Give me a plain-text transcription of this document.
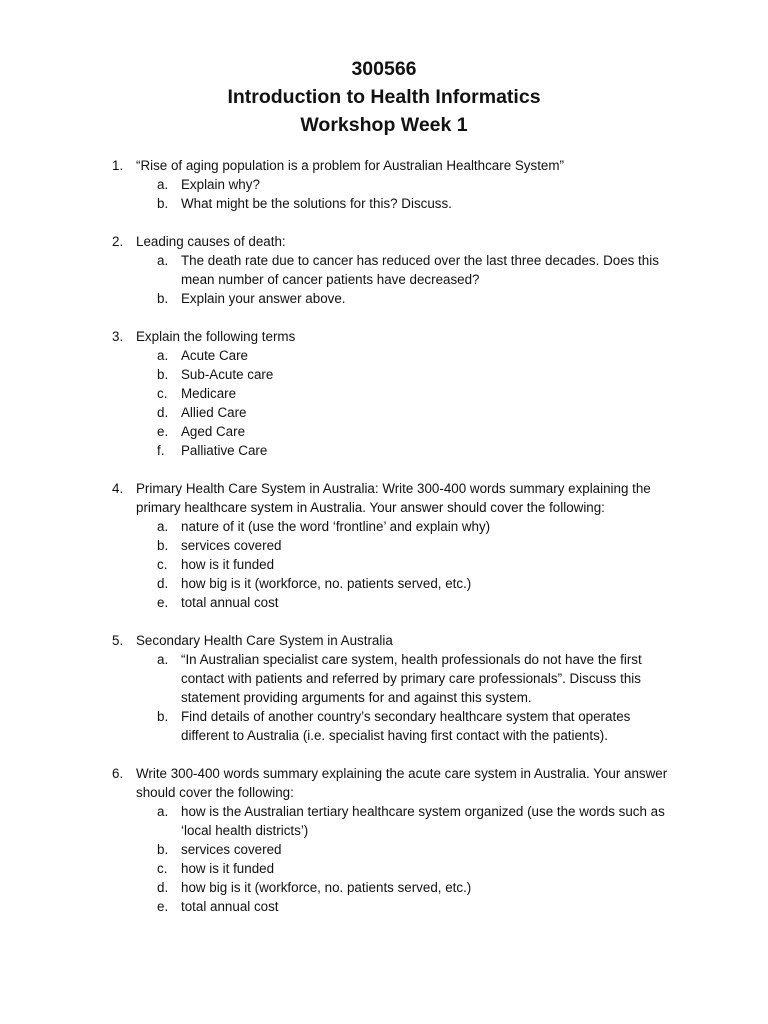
300566
Introduction to Health Informatics
Workshop Week 1
1. “Rise of aging population is a problem for Australian Healthcare System”
a. Explain why?
b. What might be the solutions for this? Discuss.
2. Leading causes of death:
a. The death rate due to cancer has reduced over the last three decades. Does this mean number of cancer patients have decreased?
b. Explain your answer above.
3. Explain the following terms
a. Acute Care
b. Sub-Acute care
c. Medicare
d. Allied Care
e. Aged Care
f. Palliative Care
4. Primary Health Care System in Australia: Write 300-400 words summary explaining the primary healthcare system in Australia. Your answer should cover the following:
a. nature of it (use the word ‘frontline’ and explain why)
b. services covered
c. how is it funded
d. how big is it (workforce, no. patients served, etc.)
e. total annual cost
5. Secondary Health Care System in Australia
a. “In Australian specialist care system, health professionals do not have the first contact with patients and referred by primary care professionals”. Discuss this statement providing arguments for and against this system.
b. Find details of another country’s secondary healthcare system that operates different to Australia (i.e. specialist having first contact with the patients).
6. Write 300-400 words summary explaining the acute care system in Australia. Your answer should cover the following:
a. how is the Australian tertiary healthcare system organized (use the words such as ‘local health districts’)
b. services covered
c. how is it funded
d. how big is it (workforce, no. patients served, etc.)
e. total annual cost
